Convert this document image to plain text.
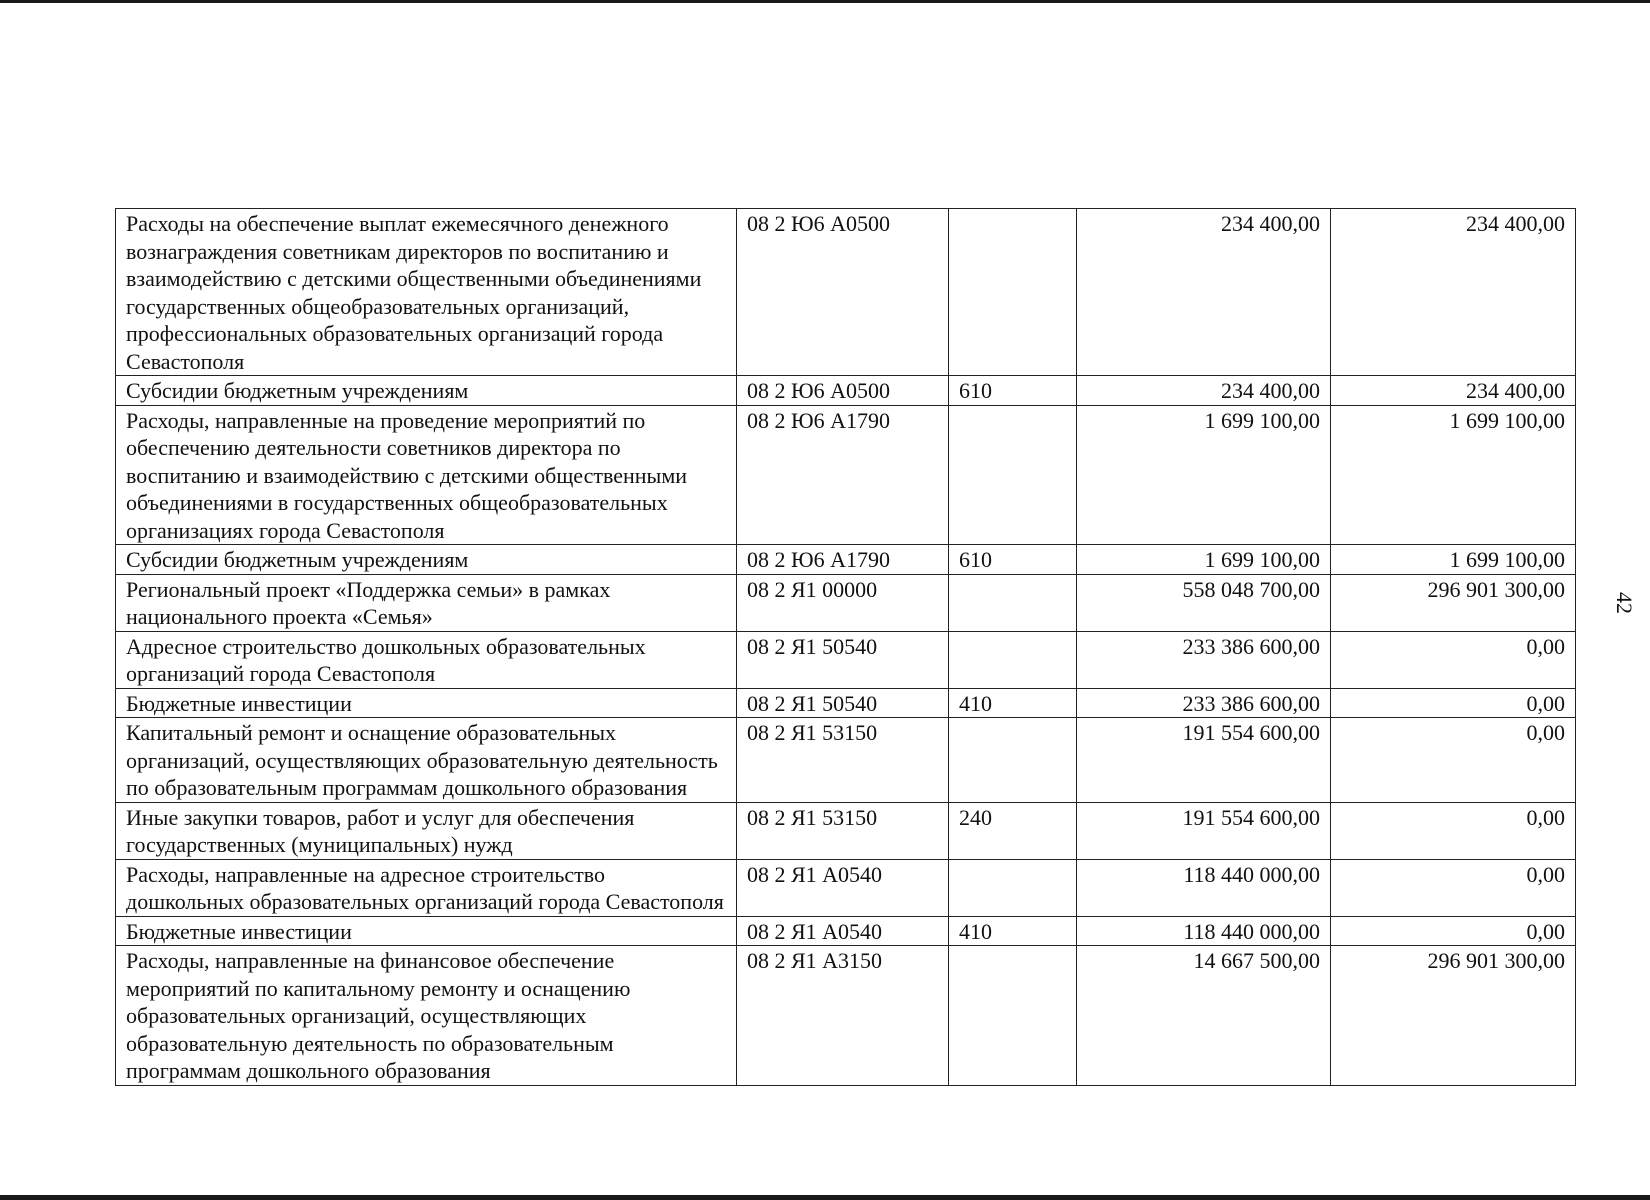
Расходы на обеспечение выплат ежемесячного денежного вознаграждения советникам директоров по воспитанию и взаимодействию с детскими общественными объединениями государственных общеобразовательных организаций, профессиональных образовательных организаций города Севастополя	08 2 Ю6 А0500		234 400,00	234 400,00
Субсидии бюджетным учреждениям	08 2 Ю6 А0500	610	234 400,00	234 400,00
Расходы, направленные на проведение мероприятий по обеспечению деятельности советников директора по воспитанию и взаимодействию с детскими общественными объединениями в государственных общеобразовательных организациях города Севастополя	08 2 Ю6 А1790		1 699 100,00	1 699 100,00
Субсидии бюджетным учреждениям	08 2 Ю6 А1790	610	1 699 100,00	1 699 100,00
Региональный проект «Поддержка семьи» в рамках национального проекта «Семья»	08 2 Я1 00000		558 048 700,00	296 901 300,00
Адресное строительство дошкольных образовательных организаций города Севастополя	08 2 Я1 50540		233 386 600,00	0,00
Бюджетные инвестиции	08 2 Я1 50540	410	233 386 600,00	0,00
Капитальный ремонт и оснащение образовательных организаций, осуществляющих образовательную деятельность по образовательным программам дошкольного образования	08 2 Я1 53150		191 554 600,00	0,00
Иные закупки товаров, работ и услуг для обеспечения государственных (муниципальных) нужд	08 2 Я1 53150	240	191 554 600,00	0,00
Расходы, направленные на адресное строительство дошкольных образовательных организаций города Севастополя	08 2 Я1 А0540		118 440 000,00	0,00
Бюджетные инвестиции	08 2 Я1 А0540	410	118 440 000,00	0,00
Расходы, направленные на финансовое обеспечение мероприятий по капитальному ремонту и оснащению образовательных организаций, осуществляющих образовательную деятельность по образовательным программам дошкольного образования	08 2 Я1 А3150		14 667 500,00	296 901 300,00
42
